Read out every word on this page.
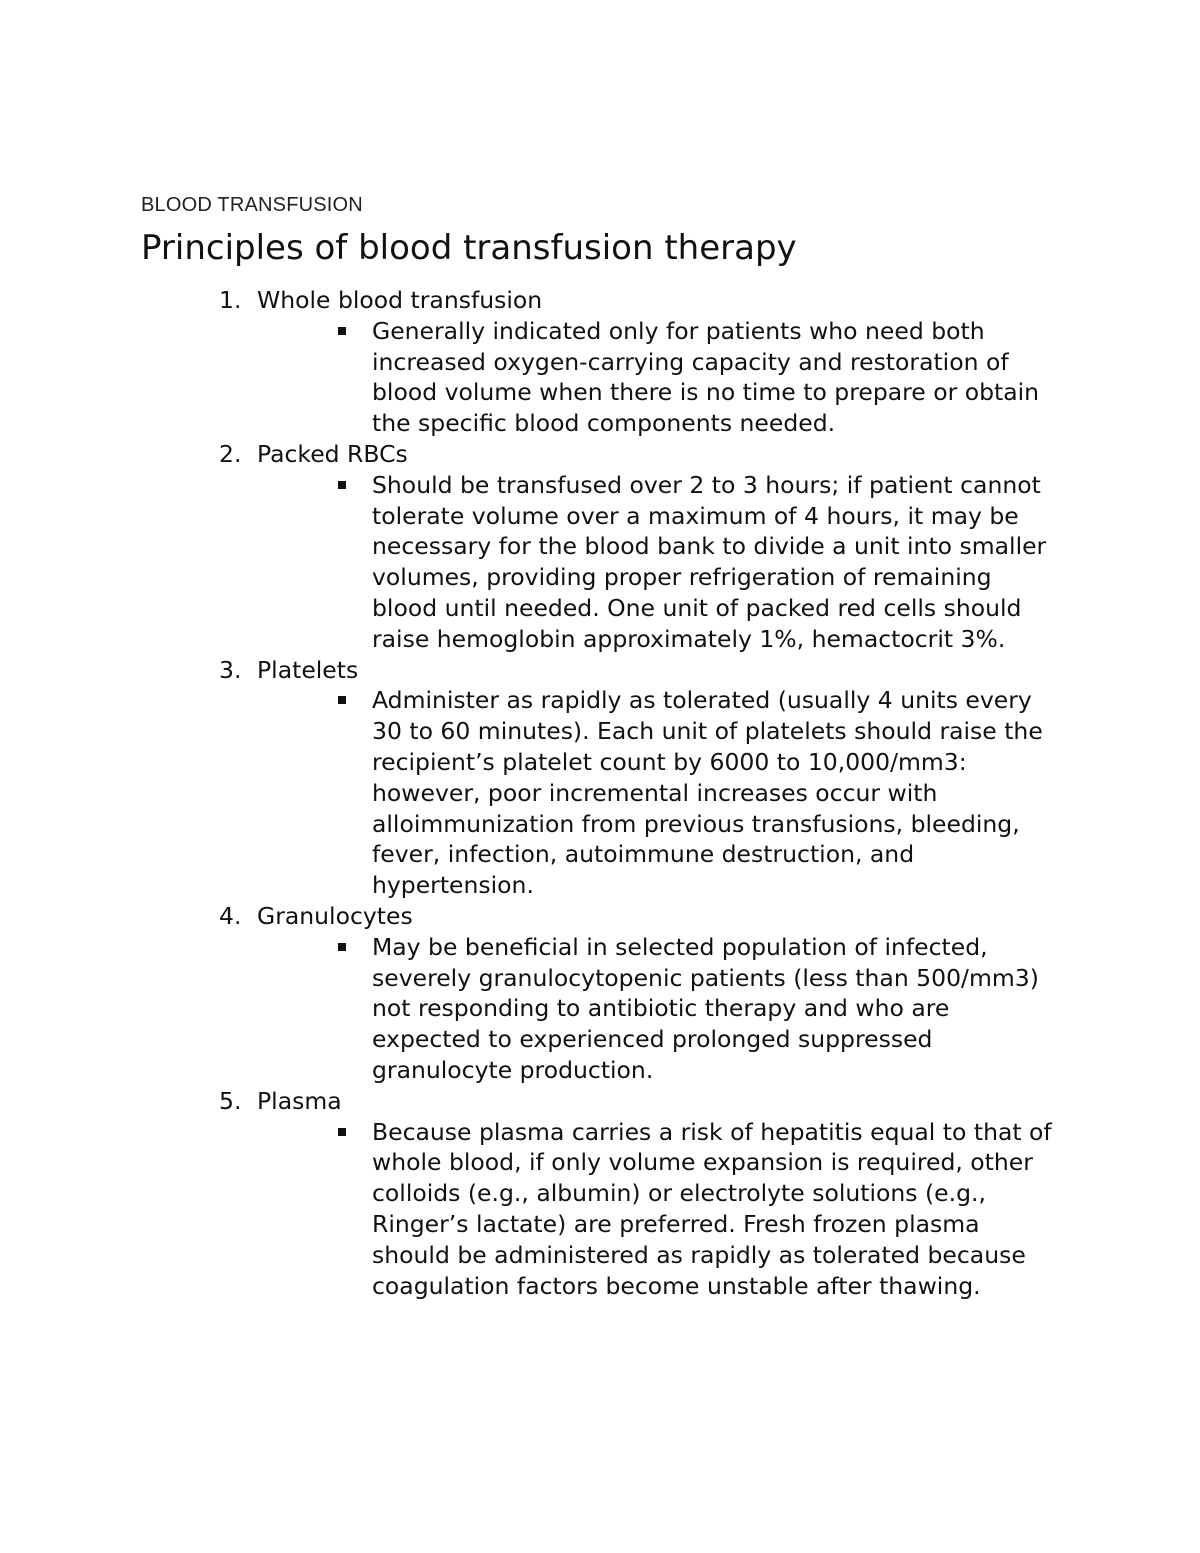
BLOOD TRANSFUSION
Principles of blood transfusion therapy
1. Whole blood transfusion
Generally indicated only for patients who need both increased oxygen-carrying capacity and restoration of blood volume when there is no time to prepare or obtain the specific blood components needed.
2. Packed RBCs
Should be transfused over 2 to 3 hours; if patient cannot tolerate volume over a maximum of 4 hours, it may be necessary for the blood bank to divide a unit into smaller volumes, providing proper refrigeration of remaining blood until needed. One unit of packed red cells should raise hemoglobin approximately 1%, hemactocrit 3%.
3. Platelets
Administer as rapidly as tolerated (usually 4 units every 30 to 60 minutes). Each unit of platelets should raise the recipient’s platelet count by 6000 to 10,000/mm3: however, poor incremental increases occur with alloimmunization from previous transfusions, bleeding, fever, infection, autoimmune destruction, and hypertension.
4. Granulocytes
May be beneficial in selected population of infected, severely granulocytopenic patients (less than 500/mm3) not responding to antibiotic therapy and who are expected to experienced prolonged suppressed granulocyte production.
5. Plasma
Because plasma carries a risk of hepatitis equal to that of whole blood, if only volume expansion is required, other colloids (e.g., albumin) or electrolyte solutions (e.g., Ringer’s lactate) are preferred. Fresh frozen plasma should be administered as rapidly as tolerated because coagulation factors become unstable after thawing.
